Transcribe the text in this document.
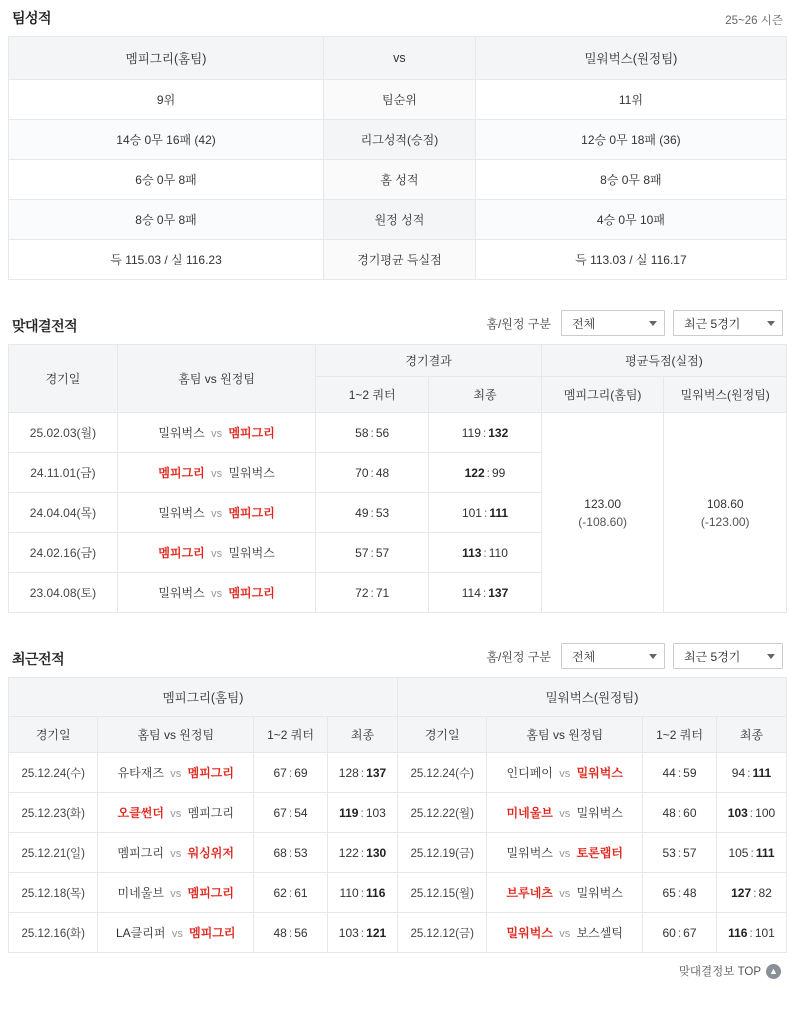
팀성적	25~26 시즌
멤피그리(홈팀)	vs	밀워벅스(원정팀)
9위	팀순위	11위
14승 0무 16패 (42)	리그성적(승점)	12승 0무 18패 (36)
6승 0무 8패	홈 성적	8승 0무 8패
8승 0무 8패	원정 성적	4승 0무 10패
득 115.03 / 실 116.23	경기평균 득실점	득 113.03 / 실 116.17
맞대결전적	홈/원정 구분 전체	최근 5경기
경기일	홈팀 vs 원정팀	경기결과		평균득점(실점)	
		1~2 쿼터	최종	멤피그리(홈팀)	밀워벅스(원정팀)
25.02.03(월)	밀워벅스 vs 멤피그리	58 : 56	119 : 132	
123.00
(-108.60)

108.60
(-123.00)

24.11.01(금)	멤피그리 vs 밀워벅스	70 : 48	122 : 99		
24.04.04(목)	밀워벅스 vs 멤피그리	49 : 53	101 : 111		
24.02.16(금)	멤피그리 vs 밀워벅스	57 : 57	113 : 110		
23.04.08(토)	밀워벅스 vs 멤피그리	72 : 71	114 : 137		
최근전적	홈/원정 구분 전체	최근 5경기
멤피그리(홈팀)				밀워벅스(원정팀)			
경기일	홈팀 vs 원정팀	1~2 쿼터	최종	경기일	홈팀 vs 원정팀	1~2 쿼터	최종
25.12.24(수)	유타재즈 vs 멤피그리	67 : 69	128 : 137	25.12.24(수)	인디페이 vs 밀워벅스	44 : 59	94 : 111
25.12.23(화)	오클썬더 vs 멤피그리	67 : 54	119 : 103	25.12.22(월)	미네울브 vs 밀워벅스	48 : 60	103 : 100
25.12.21(일)	멤피그리 vs 워싱위저	68 : 53	122 : 130	25.12.19(금)	밀워벅스 vs 토론랩터	53 : 57	105 : 111
25.12.18(목)	미네울브 vs 멤피그리	62 : 61	110 : 116	25.12.15(월)	브루네츠 vs 밀워벅스	65 : 48	127 : 82
25.12.16(화)	LA클리퍼 vs 멤피그리	48 : 56	103 : 121	25.12.12(금)	밀워벅스 vs 보스셀틱	60 : 67	116 : 101
맞대결정보 TOP ▲
